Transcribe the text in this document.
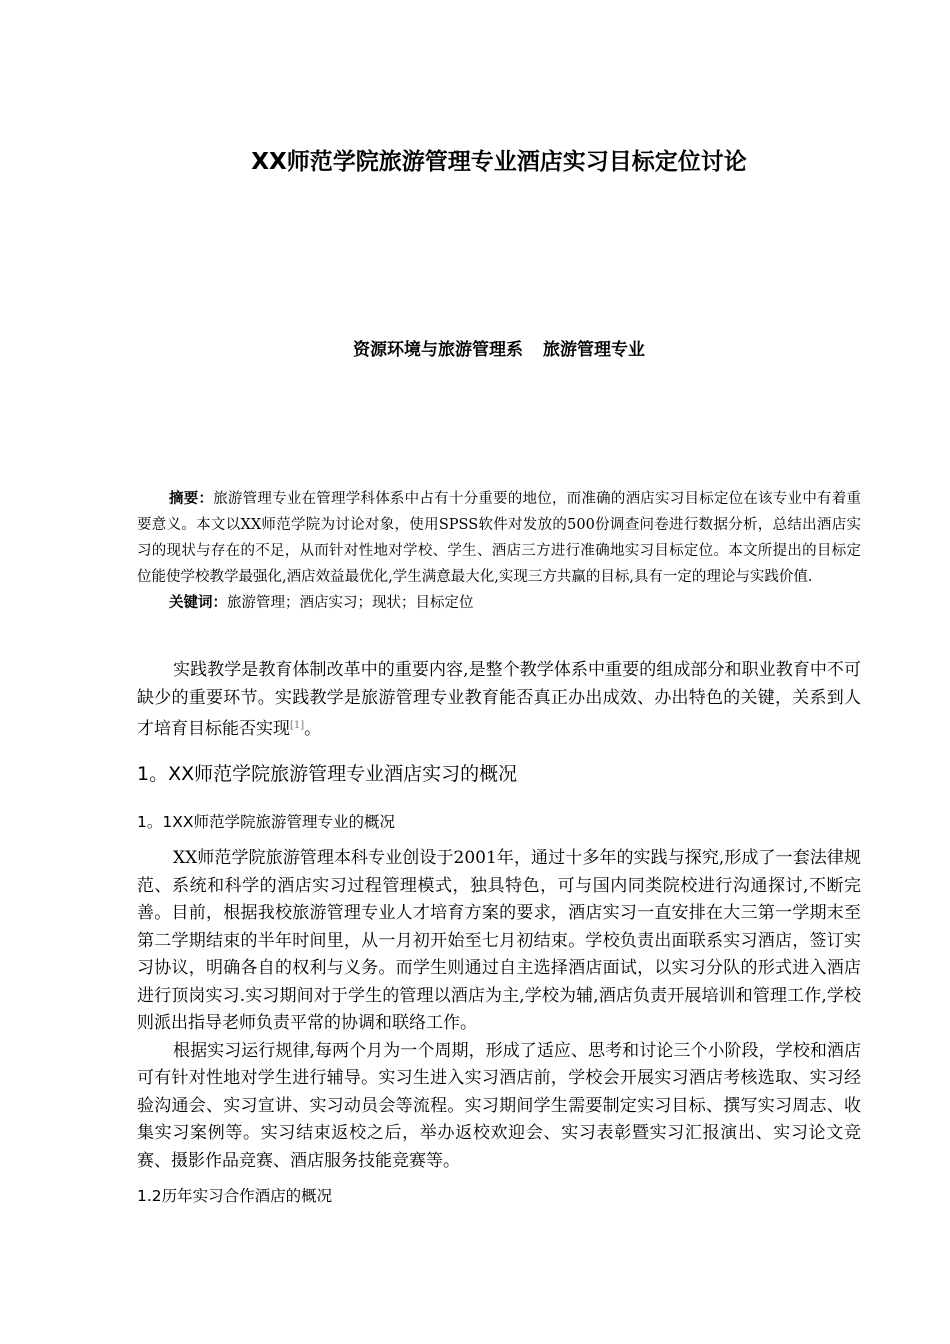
XX师范学院旅游管理专业酒店实习目标定位讨论
资源环境与旅游管理系 旅游管理专业

摘要：旅游管理专业在管理学科体系中占有十分重要的地位，而准确的酒店实习目标定位在该专业中有着重要意义。本文以XX师范学院为讨论对象，使用SPSS软件对发放的500份调查问卷进行数据分析，总结出酒店实习的现状与存在的不足，从而针对性地对学校、学生、酒店三方进行准确地实习目标定位。本文所提出的目标定位能使学校教学最强化,酒店效益最优化,学生满意最大化,实现三方共赢的目标,具有一定的理论与实践价值.

关键词：旅游管理；酒店实习；现状；目标定位

实践教学是教育体制改革中的重要内容,是整个教学体系中重要的组成部分和职业教育中不可缺少的重要环节。实践教学是旅游管理专业教育能否真正办出成效、办出特色的关键，关系到人才培育目标能否实现[1]。

1。XX师范学院旅游管理专业酒店实习的概况
1。1XX师范学院旅游管理专业的概况

XX师范学院旅游管理本科专业创设于2001年，通过十多年的实践与探究,形成了一套法律规范、系统和科学的酒店实习过程管理模式，独具特色，可与国内同类院校进行沟通探讨,不断完善。目前，根据我校旅游管理专业人才培育方案的要求，酒店实习一直安排在大三第一学期末至第二学期结束的半年时间里，从一月初开始至七月初结束。学校负责出面联系实习酒店，签订实习协议，明确各自的权利与义务。而学生则通过自主选择酒店面试，以实习分队的形式进入酒店进行顶岗实习.实习期间对于学生的管理以酒店为主,学校为辅,酒店负责开展培训和管理工作,学校则派出指导老师负责平常的协调和联络工作。

根据实习运行规律,每两个月为一个周期，形成了适应、思考和讨论三个小阶段，学校和酒店可有针对性地对学生进行辅导。实习生进入实习酒店前，学校会开展实习酒店考核选取、实习经验沟通会、实习宣讲、实习动员会等流程。实习期间学生需要制定实习目标、撰写实习周志、收集实习案例等。实习结束返校之后，举办返校欢迎会、实习表彰暨实习汇报演出、实习论文竞赛、摄影作品竞赛、酒店服务技能竞赛等。

1.2历年实习合作酒店的概况
